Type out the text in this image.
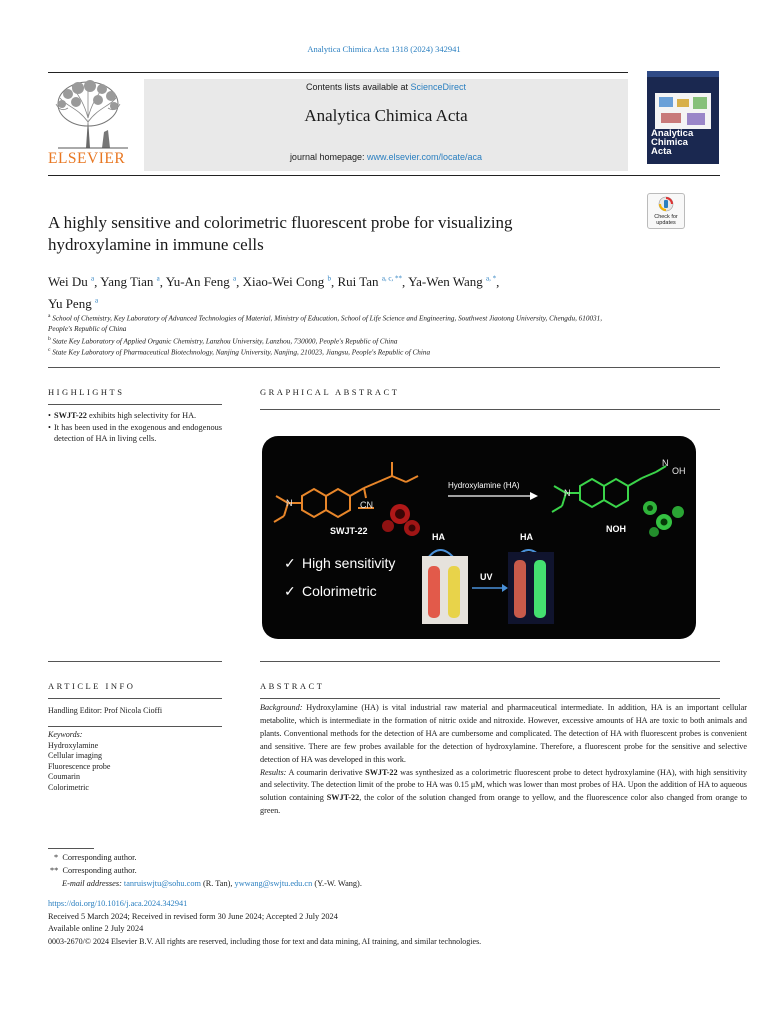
Analytica Chimica Acta 1318 (2024) 342941
ELSEVIER
Contents lists available at ScienceDirect
Analytica Chimica Acta
journal homepage: www.elsevier.com/locate/aca
Analytica
Chimica
Acta
A highly sensitive and colorimetric fluorescent probe for visualizing hydroxylamine in immune cells
Check for updates
Wei Du $^a$, Yang Tian $^a$, Yu-An Feng $^a$, Xiao-Wei Cong $^b$, Rui Tan $^{a, c, **}$, Ya-Wen Wang $^{a, *}$,
Yu Peng $^a$
$^a$ School of Chemistry, Key Laboratory of Advanced Technologies of Material, Ministry of Education, School of Life Science and Engineering, Southwest Jiaotong University, Chengdu, 610031, People's Republic of China
$^b$ State Key Laboratory of Applied Organic Chemistry, Lanzhou University, Lanzhou, 730000, People's Republic of China
$^c$ State Key Laboratory of Pharmaceutical Biotechnology, Nanjing University, Nanjing, 210023, Jiangsu, People's Republic of China
HIGHLIGHTS
• SWJT-22 exhibits high selectivity for HA.
• It has been used in the exogenous and endogenous detection of HA in living cells.
GRAPHICAL ABSTRACT
N	CN
SWJT-22
Hydroxylamine (HA)
N
OH
N
NOH
✓ High sensitivity
✓ Colorimetric
HA	HA
UV
ARTICLE INFO
Handling Editor: Prof Nicola Cioffi
Keywords:
Hydroxylamine
Cellular imaging
Fluorescence probe
Coumarin
Colorimetric
ABSTRACT
Background: Hydroxylamine (HA) is vital industrial raw material and pharmaceutical intermediate. In addition, HA is an important cellular metabolite, which is intermediate in the formation of nitric oxide and nitroxide. However, excessive amounts of HA are toxic to both animals and plants. Conventional methods for the detection of HA are cumbersome and complicated. The detection of HA with fluorescent probes is convenient and sensitive. There are few probes available for the detection of hydroxylamine. Therefore, a fluorescent probe for the sensitive and selective detection of HA was developed in this work.
Results: A coumarin derivative SWJT-22 was synthesized as a colorimetric fluorescent probe to detect hydroxylamine (HA), with high sensitivity and selectivity. The detection limit of the probe to HA was 0.15 μM, which was lower than most probes of HA. Upon the addition of HA to aqueous solution containing SWJT-22, the color of the solution changed from orange to yellow, and the fluorescence color also changed from orange to green.
* Corresponding author.
** Corresponding author.
E-mail addresses: tanruiswjtu@sohu.com (R. Tan), ywwang@swjtu.edu.cn (Y.-W. Wang).
https://doi.org/10.1016/j.aca.2024.342941
Received 5 March 2024; Received in revised form 30 June 2024; Accepted 2 July 2024
Available online 2 July 2024
0003-2670/© 2024 Elsevier B.V. All rights are reserved, including those for text and data mining, AI training, and similar technologies.
